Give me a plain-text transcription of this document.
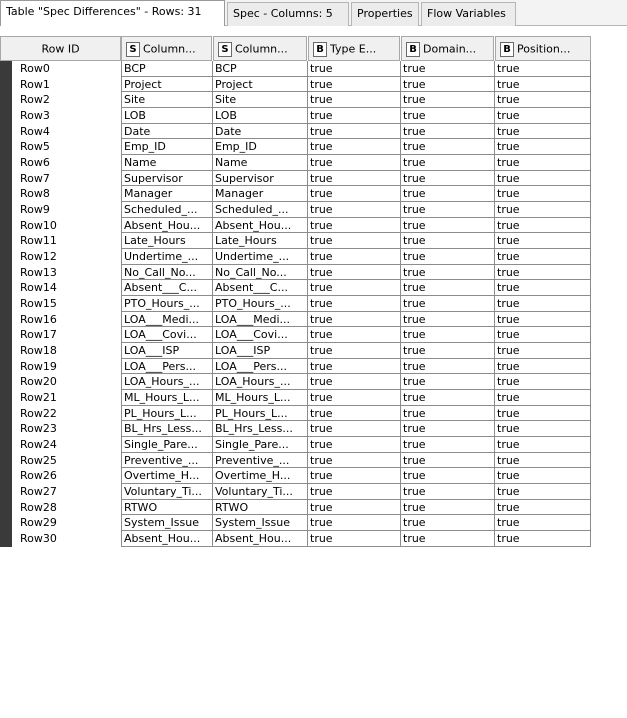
Table "Spec Differences" - Rows: 31	Spec - Columns: 5	Properties	Flow Variables
Row ID	S Column...	S Column...	B Type E...	B Domain...	B Position...
Row0	BCP	BCP	true	true	true
Row1	Project	Project	true	true	true
Row2	Site	Site	true	true	true
Row3	LOB	LOB	true	true	true
Row4	Date	Date	true	true	true
Row5	Emp_ID	Emp_ID	true	true	true
Row6	Name	Name	true	true	true
Row7	Supervisor	Supervisor	true	true	true
Row8	Manager	Manager	true	true	true
Row9	Scheduled_...	Scheduled_...	true	true	true
Row10	Absent_Hou...	Absent_Hou...	true	true	true
Row11	Late_Hours	Late_Hours	true	true	true
Row12	Undertime_...	Undertime_...	true	true	true
Row13	No_Call_No...	No_Call_No...	true	true	true
Row14	Absent___C...	Absent___C...	true	true	true
Row15	PTO_Hours_...	PTO_Hours_...	true	true	true
Row16	LOA___Medi...	LOA___Medi...	true	true	true
Row17	LOA___Covi...	LOA___Covi...	true	true	true
Row18	LOA___ISP	LOA___ISP	true	true	true
Row19	LOA___Pers...	LOA___Pers...	true	true	true
Row20	LOA_Hours_...	LOA_Hours_...	true	true	true
Row21	ML_Hours_L...	ML_Hours_L...	true	true	true
Row22	PL_Hours_L...	PL_Hours_L...	true	true	true
Row23	BL_Hrs_Less...	BL_Hrs_Less...	true	true	true
Row24	Single_Pare...	Single_Pare...	true	true	true
Row25	Preventive_...	Preventive_...	true	true	true
Row26	Overtime_H...	Overtime_H...	true	true	true
Row27	Voluntary_Ti...	Voluntary_Ti...	true	true	true
Row28	RTWO	RTWO	true	true	true
Row29	System_Issue	System_Issue	true	true	true
Row30	Absent_Hou...	Absent_Hou...	true	true	true
